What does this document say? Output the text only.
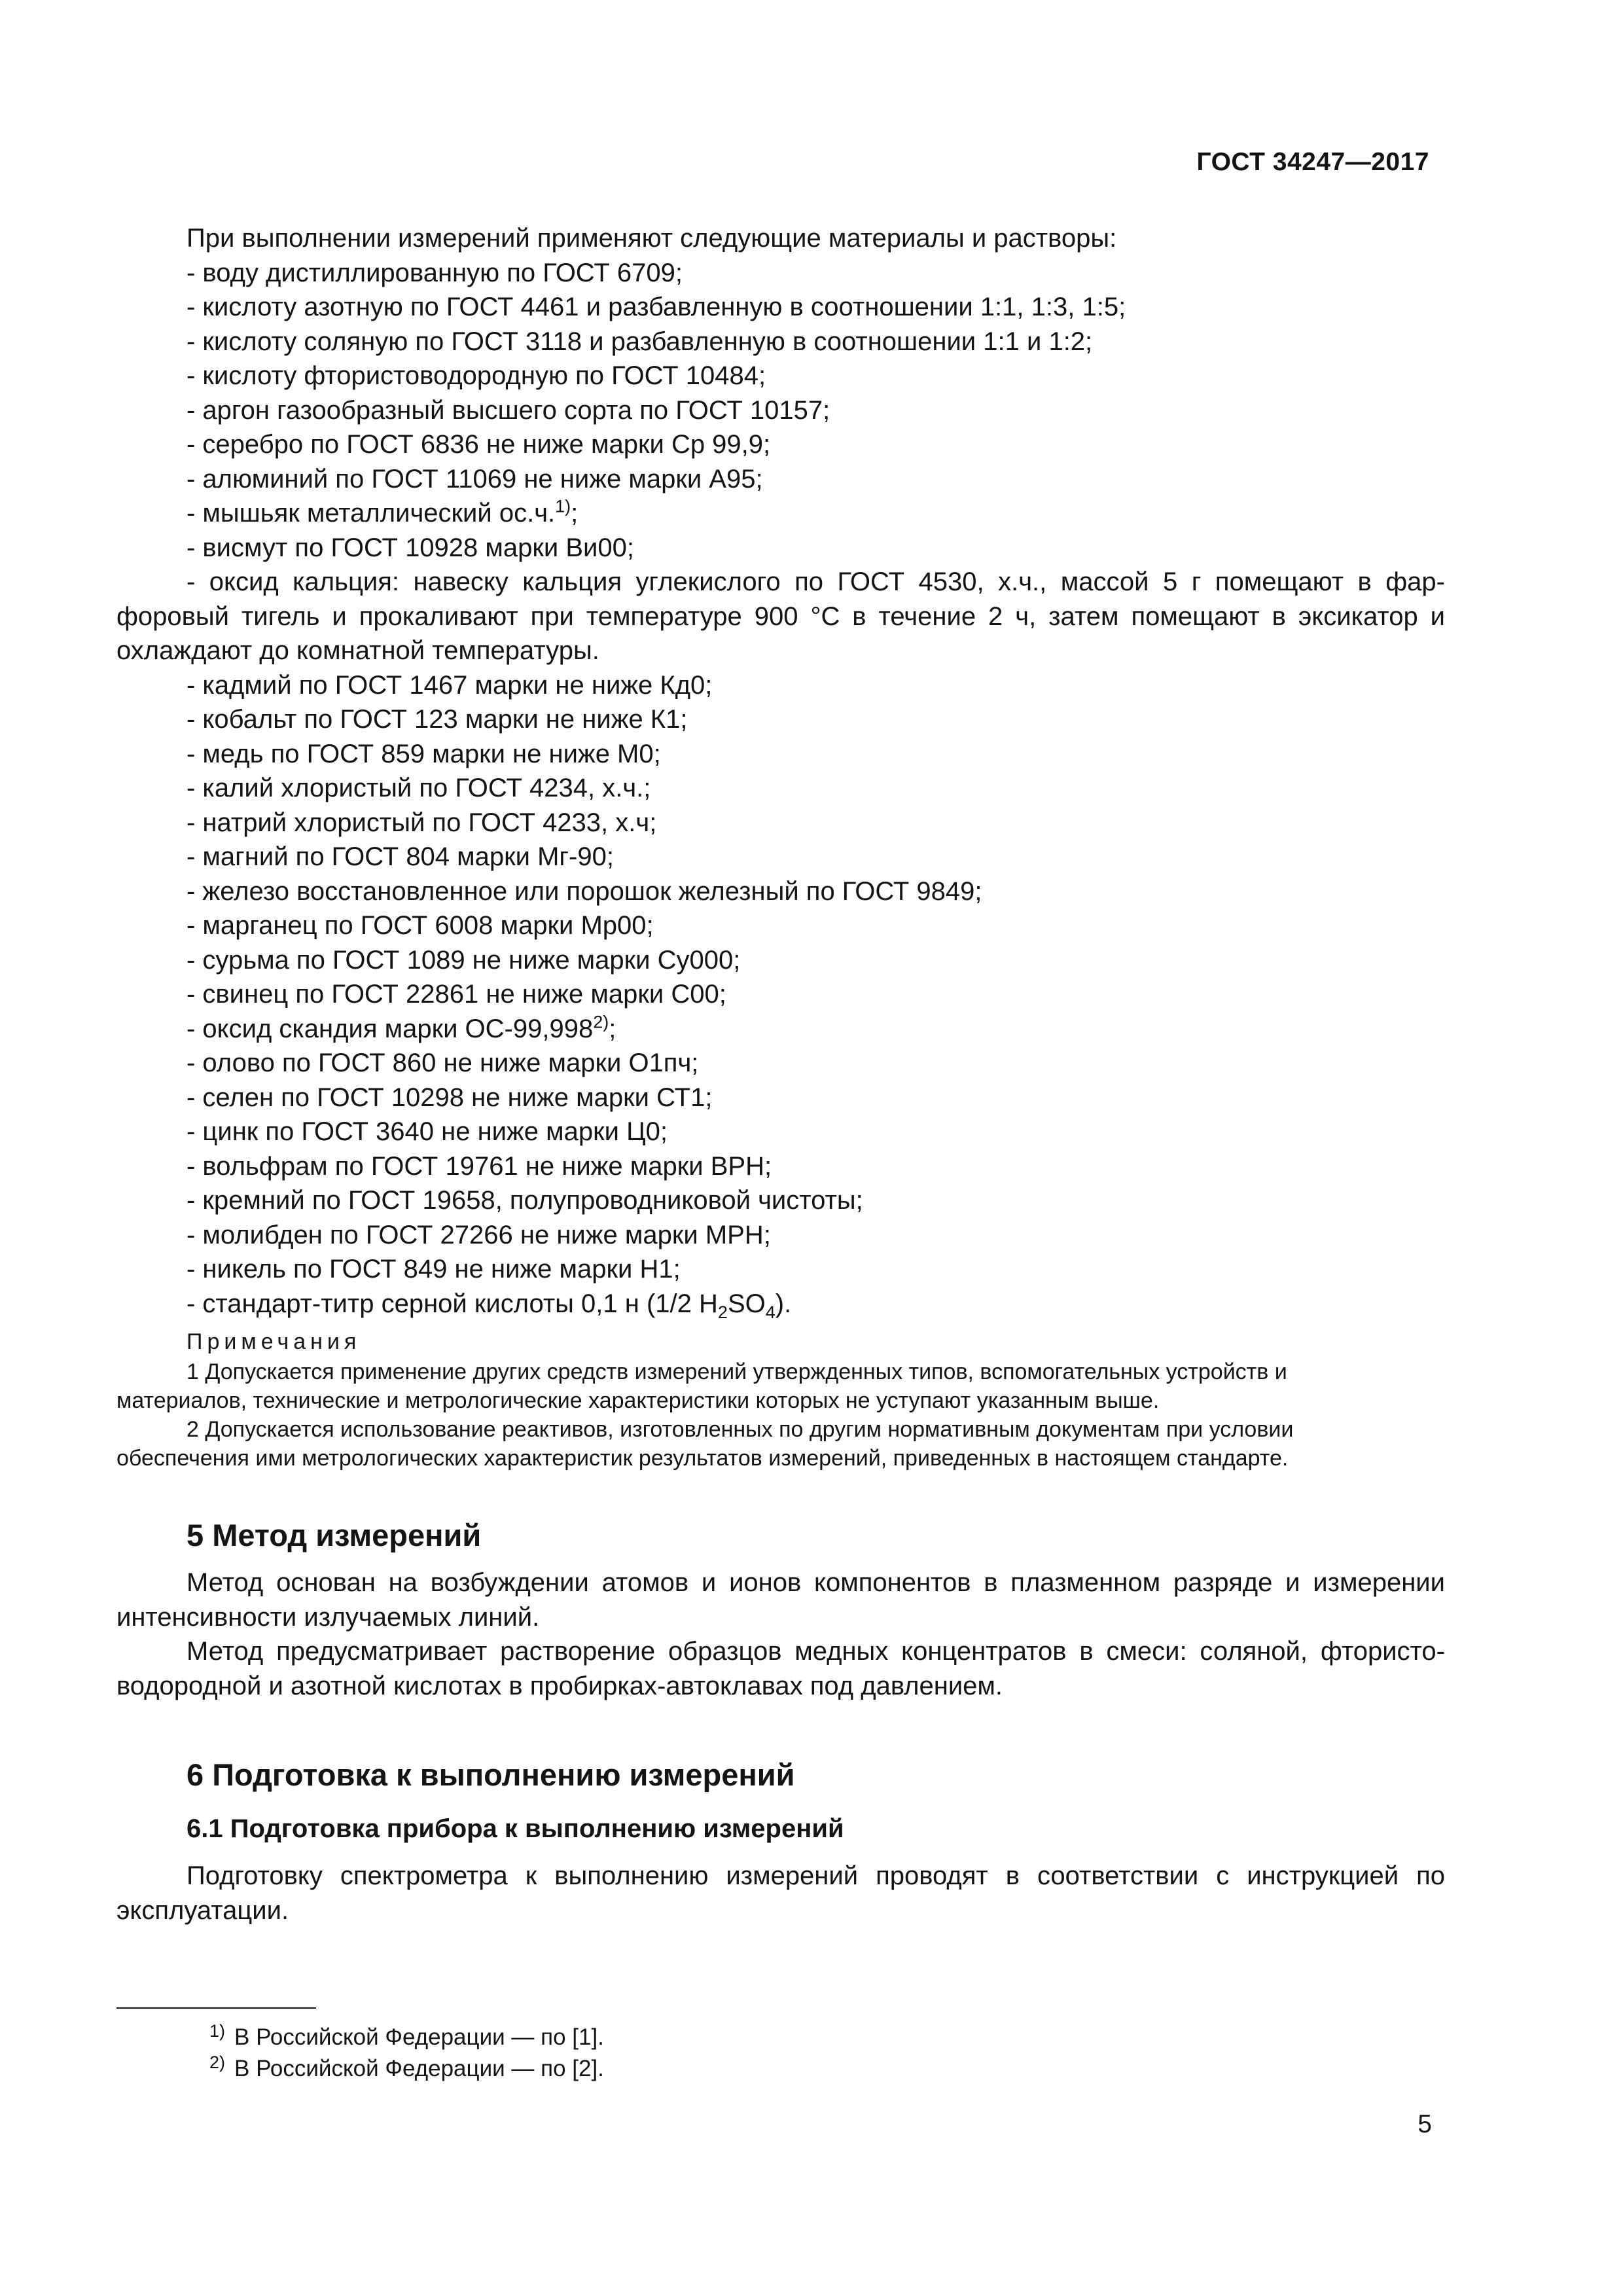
ГОСТ 34247—2017
При выполнении измерений применяют следующие материалы и растворы:
- воду дистиллированную по ГОСТ 6709;
- кислоту азотную по ГОСТ 4461 и разбавленную в соотношении 1:1, 1:3, 1:5;
- кислоту соляную по ГОСТ 3118 и разбавленную в соотношении 1:1 и 1:2;
- кислоту фтористоводородную по ГОСТ 10484;
- аргон газообразный высшего сорта по ГОСТ 10157;
- серебро по ГОСТ 6836 не ниже марки Ср 99,9;
- алюминий по ГОСТ 11069 не ниже марки А95;
- мышьяк металлический ос.ч.$^{1)}$;
- висмут по ГОСТ 10928 марки Ви00;
- оксид кальция: навеску кальция углекислого по ГОСТ 4530, х.ч., массой 5 г помещают в фар-
форовый тигель и прокаливают при температуре 900 °С в течение 2 ч, затем помещают в эксикатор и
охлаждают до комнатной температуры.
- кадмий по ГОСТ 1467 марки не ниже Кд0;
- кобальт по ГОСТ 123 марки не ниже К1;
- медь по ГОСТ 859 марки не ниже М0;
- калий хлористый по ГОСТ 4234, х.ч.;
- натрий хлористый по ГОСТ 4233, х.ч;
- магний по ГОСТ 804 марки Мг-90;
- железо восстановленное или порошок железный по ГОСТ 9849;
- марганец по ГОСТ 6008 марки Мр00;
- сурьма по ГОСТ 1089 не ниже марки Су000;
- свинец по ГОСТ 22861 не ниже марки С00;
- оксид скандия марки ОС-99,998$^{2)}$;
- олово по ГОСТ 860 не ниже марки О1пч;
- селен по ГОСТ 10298 не ниже марки СТ1;
- цинк по ГОСТ 3640 не ниже марки Ц0;
- вольфрам по ГОСТ 19761 не ниже марки ВРН;
- кремний по ГОСТ 19658, полупроводниковой чистоты;
- молибден по ГОСТ 27266 не ниже марки МРН;
- никель по ГОСТ 849 не ниже марки Н1;
- стандарт-титр серной кислоты 0,1 н (1/2 $Н_2SO_4$).
Примечания
1 Допускается применение других средств измерений утвержденных типов, вспомогательных устройств и
материалов, технические и метрологические характеристики которых не уступают указанным выше.
2 Допускается использование реактивов, изготовленных по другим нормативным документам при условии
обеспечения ими метрологических характеристик результатов измерений, приведенных в настоящем стандарте.
5 Метод измерений
Метод основан на возбуждении атомов и ионов компонентов в плазменном разряде и измерении
интенсивности излучаемых линий.
Метод предусматривает растворение образцов медных концентратов в смеси: соляной, фтористо-
водородной и азотной кислотах в пробирках-автоклавах под давлением.
6 Подготовка к выполнению измерений
6.1 Подготовка прибора к выполнению измерений
Подготовку спектрометра к выполнению измерений проводят в соответствии с инструкцией по
эксплуатации.
$^{1)}$ В Российской Федерации — по [1].
$^{2)}$ В Российской Федерации — по [2].
5
